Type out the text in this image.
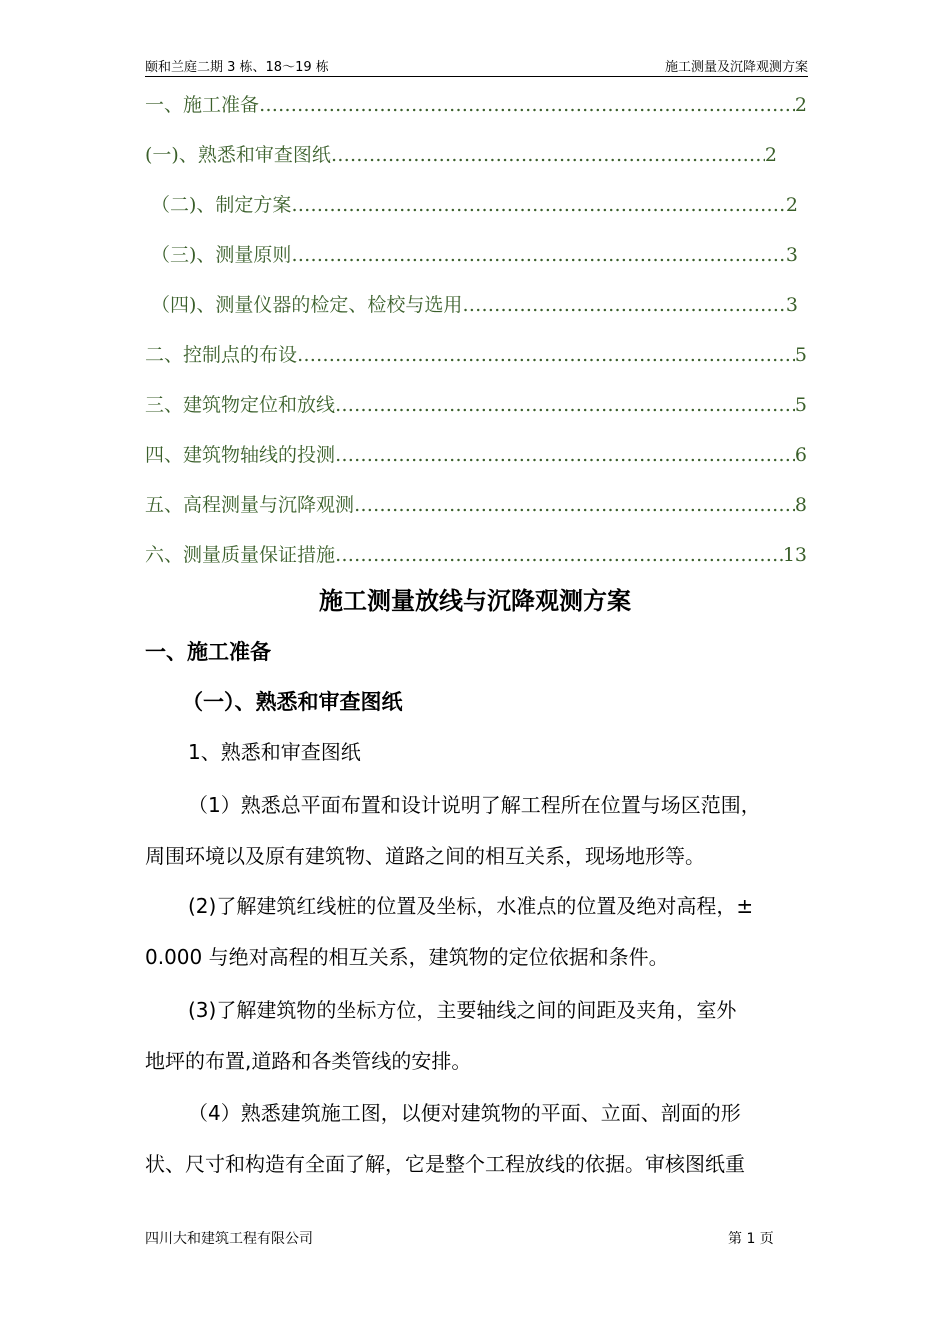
颐和兰庭二期 3 栋、18～19 栋	施工测量及沉降观测方案
一、施工准备 ………………………………………………………………………………………………………………	2
(一)、熟悉和审查图纸 ………………………………………………………………………………………………………………	2
（二)、制定方案 ………………………………………………………………………………………………………………	2
（三)、测量原则 ………………………………………………………………………………………………………………	3
（四)、测量仪器的检定、检校与选用 ………………………………………………………………………………………………………………	3
二、控制点的布设 ………………………………………………………………………………………………………………	5
三、建筑物定位和放线 ………………………………………………………………………………………………………………	5
四、建筑物轴线的投测 ………………………………………………………………………………………………………………	6
五、高程测量与沉降观测 ………………………………………………………………………………………………………………	8
六、测量质量保证措施 ………………………………………………………………………………………………………………	13
施工测量放线与沉降观测方案
一、施工准备
（一）、熟悉和审查图纸
1、熟悉和审查图纸
（1）熟悉总平面布置和设计说明了解工程所在位置与场区范围，
周围环境以及原有建筑物、道路之间的相互关系，现场地形等。
(2)了解建筑红线桩的位置及坐标，水准点的位置及绝对高程，±
0.000 与绝对高程的相互关系，建筑物的定位依据和条件。
(3)了解建筑物的坐标方位，主要轴线之间的间距及夹角，室外
地坪的布置,道路和各类管线的安排。
（4）熟悉建筑施工图，以便对建筑物的平面、立面、剖面的形
状、尺寸和构造有全面了解，它是整个工程放线的依据。审核图纸重
四川大和建筑工程有限公司	第 1 页
